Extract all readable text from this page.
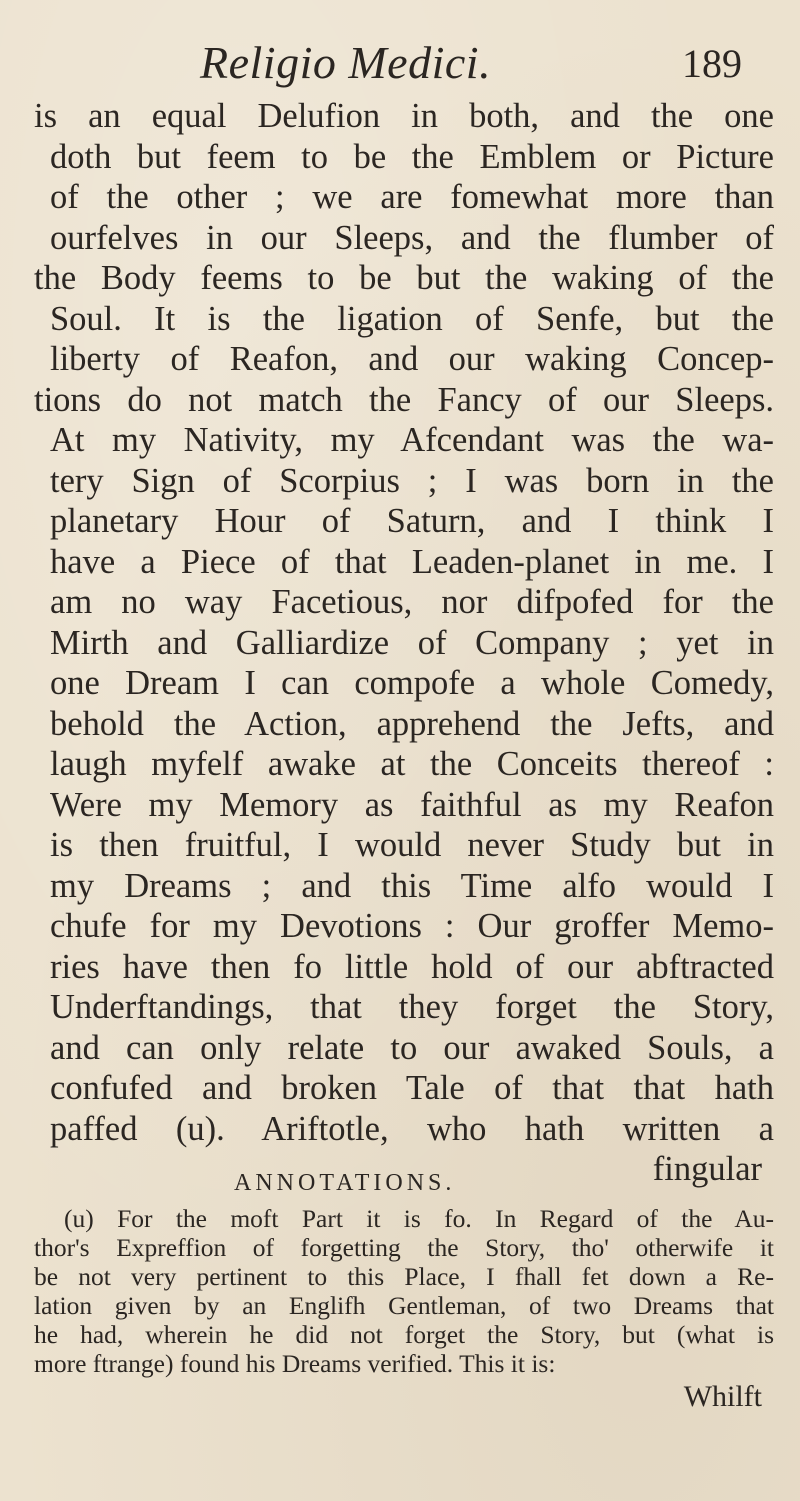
Religio Medici.	189
is an equal Delufion in both, and the one
doth but feem to be the Emblem or Picture
of the other ; we are fomewhat more than
ourfelves in our Sleeps, and the flumber of
the Body feems to be but the waking of the
Soul. It is the ligation of Senfe, but the
liberty of Reafon, and our waking Concep-
tions do not match the Fancy of our Sleeps.
At my Nativity, my Afcendant was the wa-
tery Sign of Scorpius ; I was born in the
planetary Hour of Saturn, and I think I
have a Piece of that Leaden-planet in me. I
am no way Facetious, nor difpofed for the
Mirth and Galliardize of Company ; yet in
one Dream I can compofe a whole Comedy,
behold the Action, apprehend the Jefts, and
laugh myfelf awake at the Conceits thereof :
Were my Memory as faithful as my Reafon
is then fruitful, I would never Study but in
my Dreams ; and this Time alfo would I
chufe for my Devotions : Our groffer Memo-
ries have then fo little hold of our abftracted
Underftandings, that they forget the Story,
and can only relate to our awaked Souls, a
confufed and broken Tale of that that hath
paffed (u). Ariftotle, who hath written a
fingular
ANNOTATIONS.
(u) For the moft Part it is fo. In Regard of the Au-
thor's Expreffion of forgetting the Story, tho' otherwife it
be not very pertinent to this Place, I fhall fet down a Re-
lation given by an Englifh Gentleman, of two Dreams that
he had, wherein he did not forget the Story, but (what is
more ftrange) found his Dreams verified. This it is:
Whilft
